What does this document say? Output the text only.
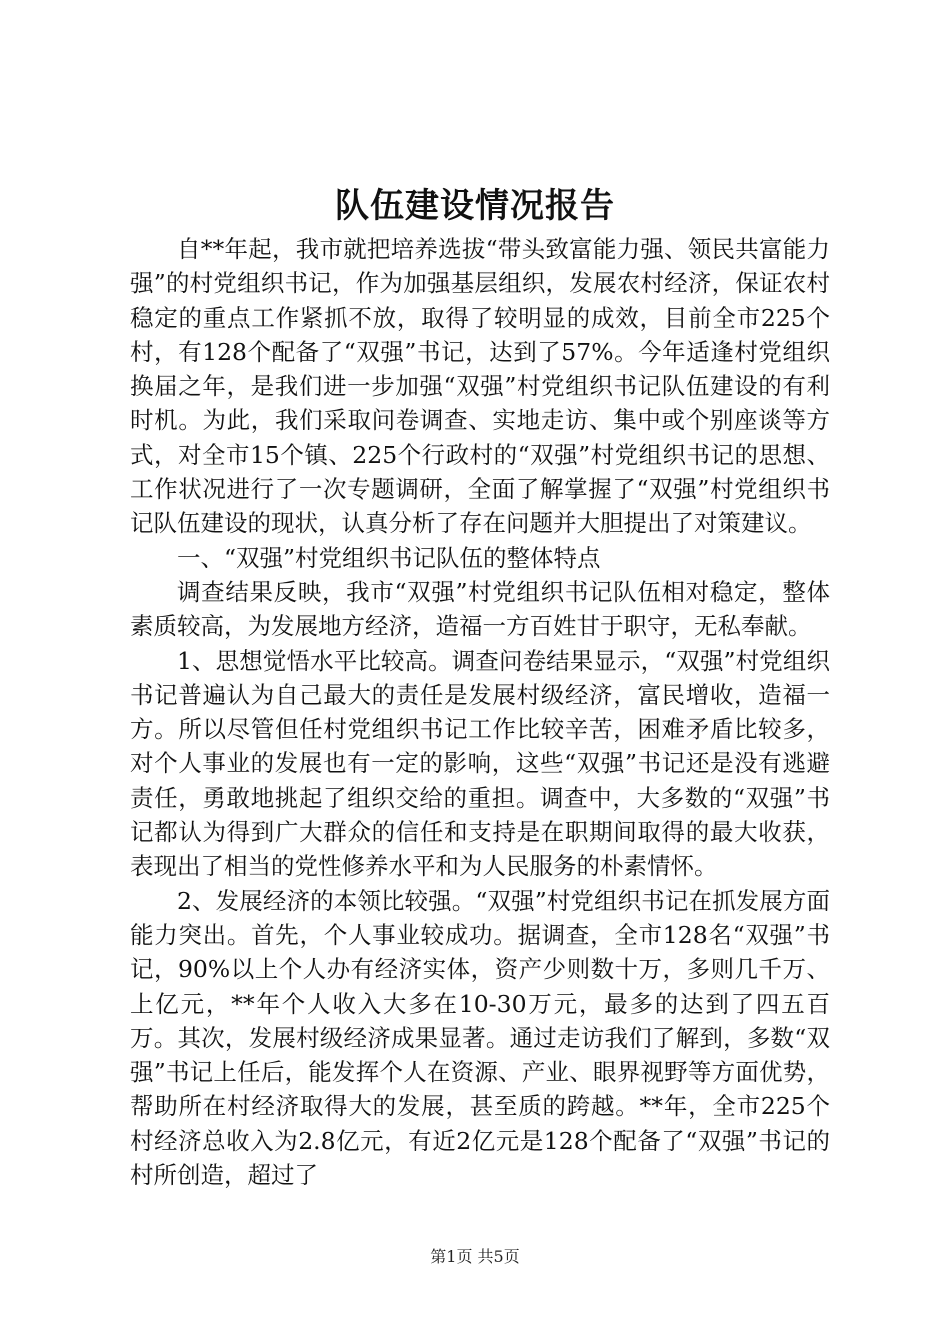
队伍建设情况报告

自**年起，我市就把培养选拔“带头致富能力强、领民共富能力强”的村党组织书记，作为加强基层组织，发展农村经济，保证农村稳定的重点工作紧抓不放，取得了较明显的成效，目前全市225个村，有128个配备了“双强”书记，达到了57%。今年适逢村党组织换届之年，是我们进一步加强“双强”村党组织书记队伍建设的有利时机。为此，我们采取问卷调查、实地走访、集中或个别座谈等方式，对全市15个镇、225个行政村的“双强”村党组织书记的思想、工作状况进行了一次专题调研，全面了解掌握了“双强”村党组织书记队伍建设的现状，认真分析了存在问题并大胆提出了对策建议。

一、“双强”村党组织书记队伍的整体特点

调查结果反映，我市“双强”村党组织书记队伍相对稳定，整体素质较高，为发展地方经济，造福一方百姓甘于职守，无私奉献。

1、思想觉悟水平比较高。调查问卷结果显示，“双强”村党组织书记普遍认为自己最大的责任是发展村级经济，富民增收，造福一方。所以尽管但任村党组织书记工作比较辛苦，困难矛盾比较多，对个人事业的发展也有一定的影响，这些“双强”书记还是没有逃避责任，勇敢地挑起了组织交给的重担。调查中，大多数的“双强”书记都认为得到广大群众的信任和支持是在职期间取得的最大收获，表现出了相当的党性修养水平和为人民服务的朴素情怀。

2、发展经济的本领比较强。“双强”村党组织书记在抓发展方面能力突出。首先，个人事业较成功。据调查，全市128名“双强”书记，90%以上个人办有经济实体，资产少则数十万，多则几千万、上亿元，**年个人收入大多在10-30万元，最多的达到了四五百万。其次，发展村级经济成果显著。通过走访我们了解到，多数“双强”书记上任后，能发挥个人在资源、产业、眼界视野等方面优势，帮助所在村经济取得大的发展，甚至质的跨越。**年，全市225个村经济总收入为2.8亿元，有近2亿元是128个配备了“双强”书记的村所创造，超过了

第1页 共5页
